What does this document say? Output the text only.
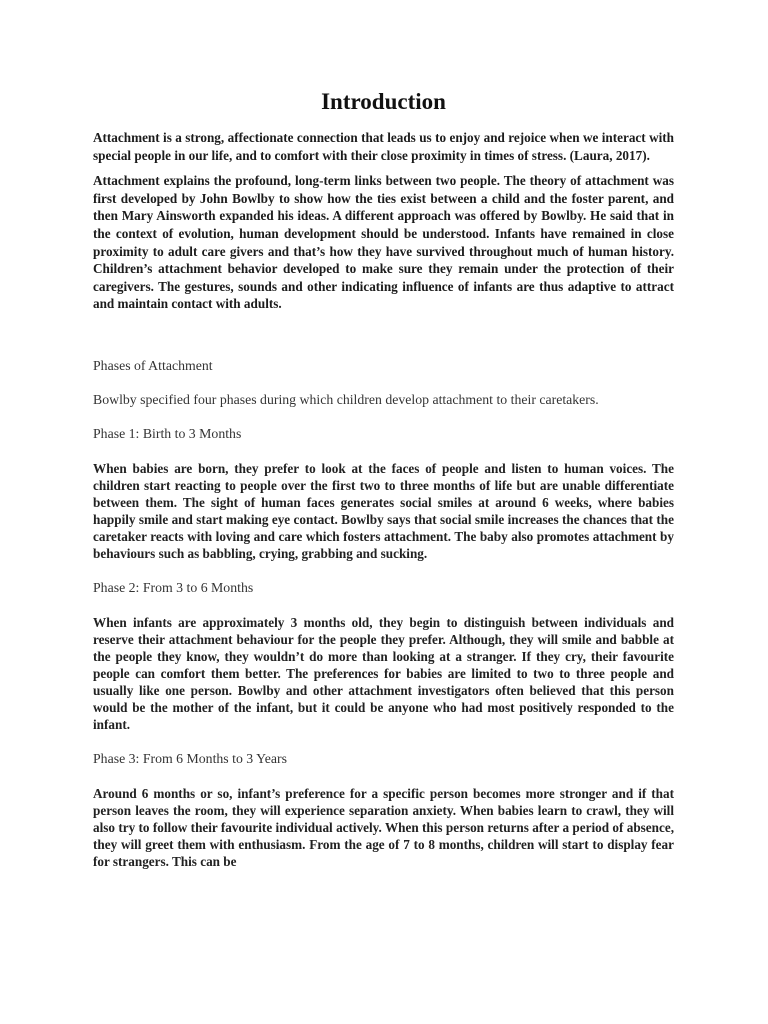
Introduction

Attachment is a strong, affectionate connection that leads us to enjoy and rejoice when we interact with special people in our life, and to comfort with their close proximity in times of stress. (Laura, 2017).

Attachment explains the profound, long-term links between two people. The theory of attachment was first developed by John Bowlby to show how the ties exist between a child and the foster parent, and then Mary Ainsworth expanded his ideas. A different approach was offered by Bowlby. He said that in the context of evolution, human development should be understood. Infants have remained in close proximity to adult care givers and that’s how they have survived throughout much of human history. Children’s attachment behavior developed to make sure they remain under the protection of their caregivers. The gestures, sounds and other indicating influence of infants are thus adaptive to attract and maintain contact with adults.

Phases of Attachment

Bowlby specified four phases during which children develop attachment to their caretakers.

Phase 1: Birth to 3 Months

When babies are born, they prefer to look at the faces of people and listen to human voices. The children start reacting to people over the first two to three months of life but are unable differentiate between them. The sight of human faces generates social smiles at around 6 weeks, where babies happily smile and start making eye contact. Bowlby says that social smile increases the chances that the caretaker reacts with loving and care which fosters attachment. The baby also promotes attachment by behaviours such as babbling, crying, grabbing and sucking.

Phase 2: From 3 to 6 Months

When infants are approximately 3 months old, they begin to distinguish between individuals and reserve their attachment behaviour for the people they prefer. Although, they will smile and babble at the people they know, they wouldn’t do more than looking at a stranger. If they cry, their favourite people can comfort them better. The preferences for babies are limited to two to three people and usually like one person. Bowlby and other attachment investigators often believed that this person would be the mother of the infant, but it could be anyone who had most positively responded to the infant.

Phase 3: From 6 Months to 3 Years

Around 6 months or so, infant’s preference for a specific person becomes more stronger and if that person leaves the room, they will experience separation anxiety. When babies learn to crawl, they will also try to follow their favourite individual actively. When this person returns after a period of absence, they will greet them with enthusiasm. From the age of 7 to 8 months, children will start to display fear for strangers. This can be
